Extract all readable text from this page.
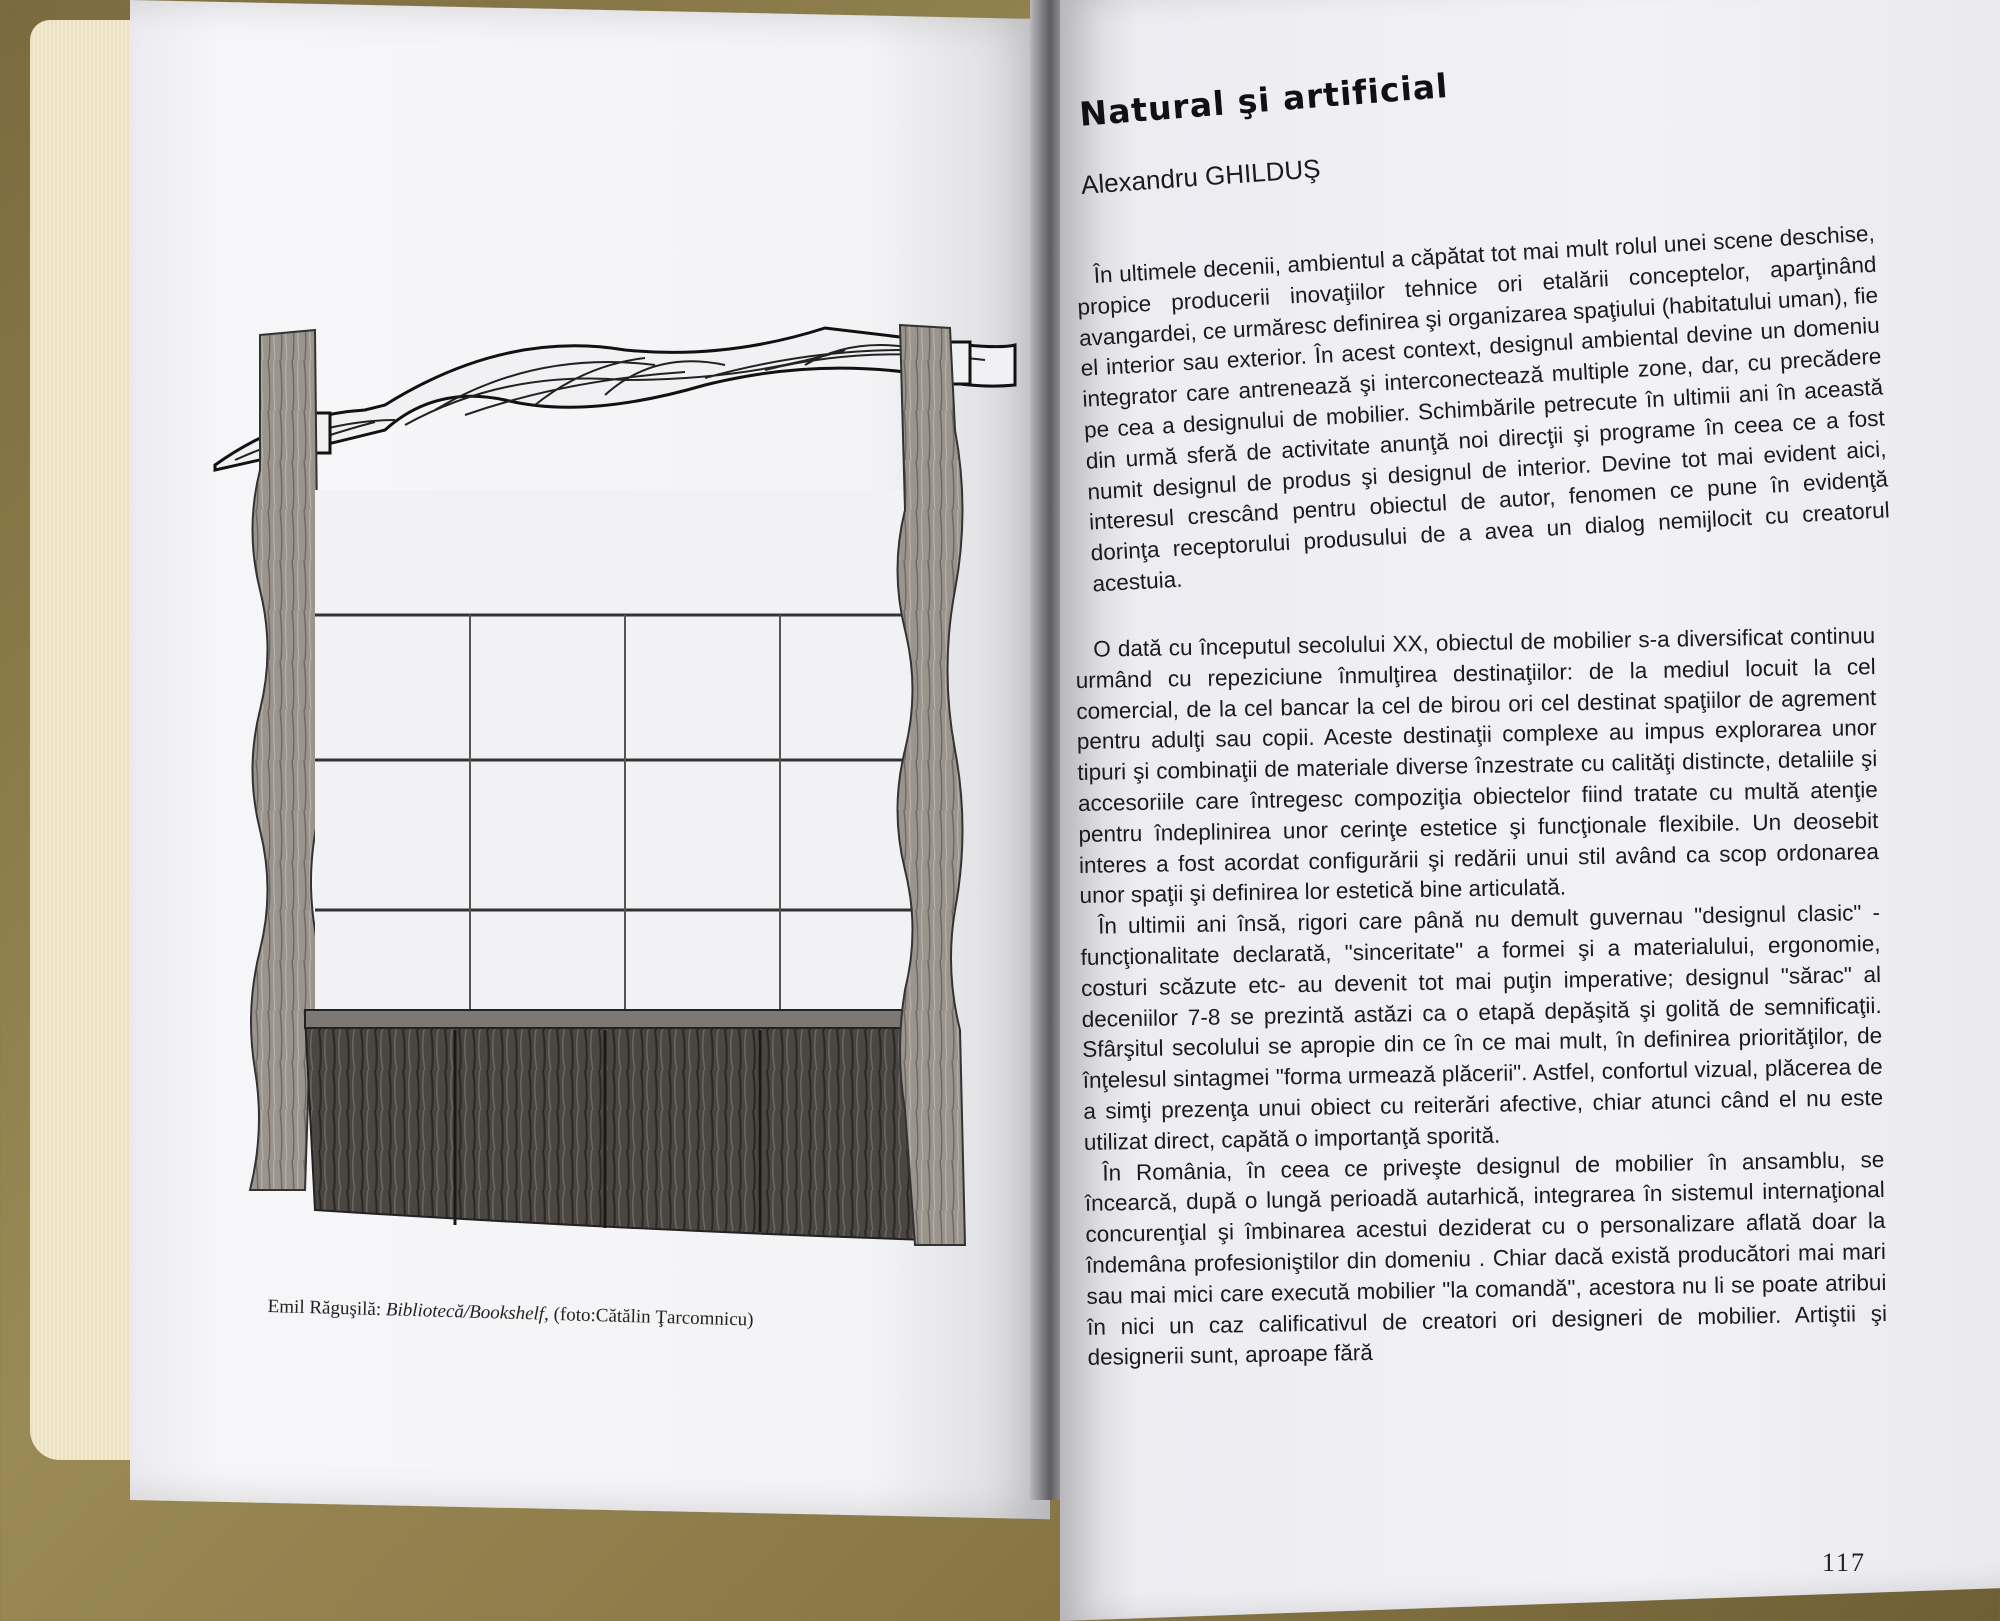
Emil Răguşilă: Bibliotecă/Bookshelf, (foto:Cătălin Ţarcomnicu)
Natural şi artificial
Alexandru GHILDUŞ

În ultimele decenii, ambientul a căpătat tot mai mult rolul unei scene deschise, propice producerii inovaţiilor tehnice ori etalării conceptelor, aparţinând avangardei, ce urmăresc definirea şi organizarea spaţiului (habitatului uman), fie el interior sau exterior. În acest context, designul ambiental devine un domeniu integrator care antrenează şi interconectează multiple zone, dar, cu precădere pe cea a designului de mobilier. Schimbările petrecute în ultimii ani în această din urmă sferă de activitate anunţă noi direcţii şi programe în ceea ce a fost numit designul de produs şi designul de interior. Devine tot mai evident aici, interesul crescând pentru obiectul de autor, fenomen ce pune în evidenţă dorinţa receptorului produsului de a avea un dialog nemijlocit cu creatorul acestuia.

O dată cu începutul secolului XX, obiectul de mobilier s-a diversificat continuu urmând cu repeziciune înmulţirea destinaţiilor: de la mediul locuit la cel comercial, de la cel bancar la cel de birou ori cel destinat spaţiilor de agrement pentru adulţi sau copii. Aceste destinaţii complexe au impus explorarea unor tipuri şi combinaţii de materiale diverse înzestrate cu calităţi distincte, detaliile şi accesoriile care întregesc compoziţia obiectelor fiind tratate cu multă atenţie pentru îndeplinirea unor cerinţe estetice şi funcţionale flexibile. Un deosebit interes a fost acordat configurării şi redării unui stil având ca scop ordonarea unor spaţii şi definirea lor estetică bine articulată.

În ultimii ani însă, rigori care până nu demult guvernau "designul clasic" -funcţionalitate declarată, "sinceritate" a formei şi a materialului, ergonomie, costuri scăzute etc- au devenit tot mai puţin imperative; designul "sărac" al deceniilor 7-8 se prezintă astăzi ca o etapă depăşită şi golită de semnificaţii. Sfârşitul secolului se apropie din ce în ce mai mult, în definirea priorităţilor, de înţelesul sintagmei "forma urmează plăcerii". Astfel, confortul vizual, plăcerea de a simţi prezenţa unui obiect cu reiterări afective, chiar atunci când el nu este utilizat direct, capătă o importanţă sporită.

În România, în ceea ce priveşte designul de mobilier în ansamblu, se încearcă, după o lungă perioadă autarhică, integrarea în sistemul internaţional concurenţial şi îmbinarea acestui deziderat cu o personalizare aflată doar la îndemâna profesioniştilor din domeniu . Chiar dacă există producători mai mari sau mai mici care execută mobilier "la comandă", acestora nu li se poate atribui în nici un caz calificativul de creatori ori designeri de mobilier. Artiştii şi designerii sunt, aproape fără

117
